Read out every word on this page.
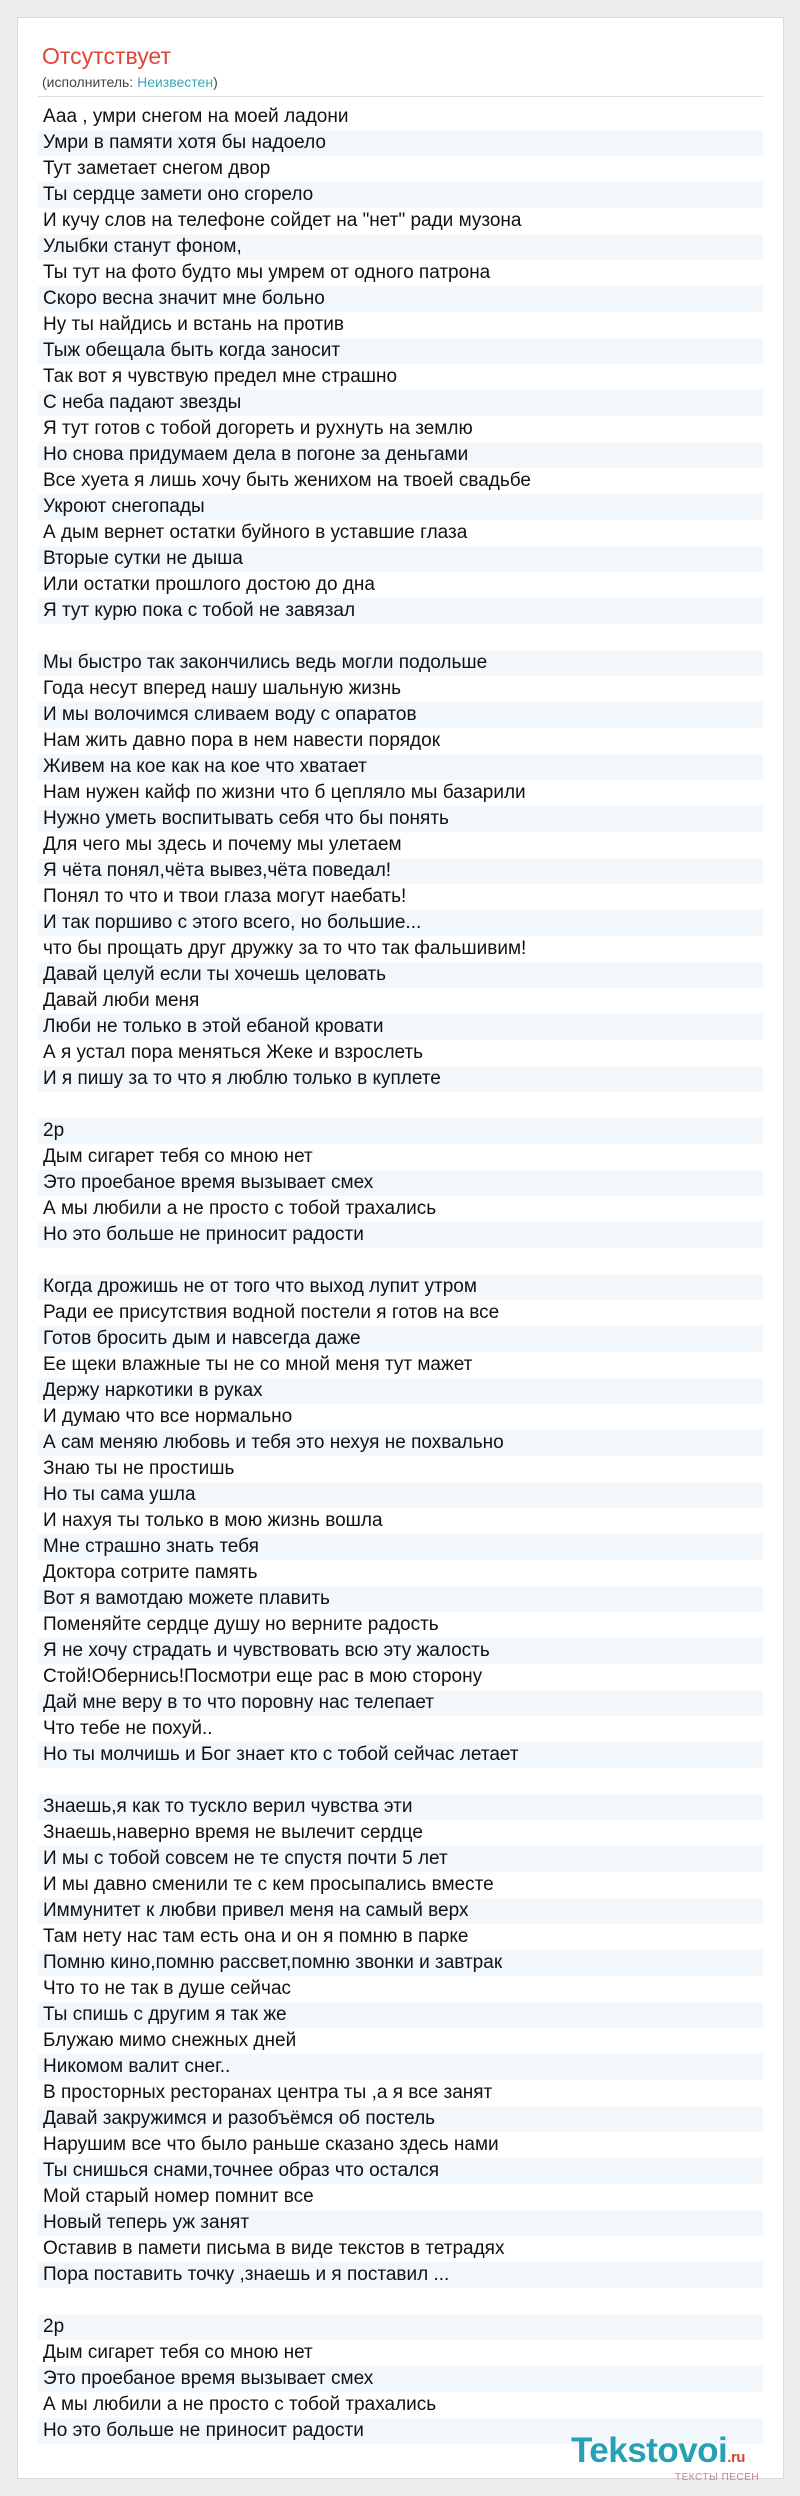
Отсутствует
(исполнитель: Неизвестен)
Ааа , умри снегом на моей ладони
Умри в памяти хотя бы надоело
Тут заметает снегом двор
Ты сердце замети оно сгорело
И кучу слов на телефоне сойдет на "нет" ради музона
Улыбки станут фоном,
Ты тут на фото будто мы умрем от одного патрона
Скоро весна значит мне больно
Ну ты найдись и встань на против
Тыж обещала быть когда заносит
Так вот я чувствую предел мне страшно
С неба падают звезды
Я тут готов с тобой догореть и рухнуть на землю
Но снова придумаем дела в погоне за деньгами
Все хуета я лишь хочу быть женихом на твоей свадьбе
Укроют снегопады
А дым вернет остатки буйного в уставшие глаза
Вторые сутки не дыша
Или остатки прошлого достою до дна
Я тут курю пока с тобой не завязал
Мы быстро так закончились ведь могли подольше
Года несут вперед нашу шальную жизнь
И мы волочимся сливаем воду с опаратов
Нам жить давно пора в нем навести порядок
Живем на кое как на кое что хватает
Нам нужен кайф по жизни что б цепляло мы базарили
Нужно уметь воспитывать себя что бы понять
Для чего мы здесь и почему мы улетаем
Я чёта понял,чёта вывез,чёта поведал!
Понял то что и твои глаза могут наебать!
И так поршиво с этого всего, но большие...
что бы прощать друг дружку за то что так фальшивим!
Давай целуй если ты хочешь целовать
Давай люби меня
Люби не только в этой ебаной кровати
А я устал пора меняться Жеке и взрослеть
И я пишу за то что я люблю только в куплете
2р
Дым сигарет тебя со мною нет
Это проебаное время вызывает смех
А мы любили а не просто с тобой трахались
Но это больше не приносит радости
Когда дрожишь не от того что выход лупит утром
Ради ее присутствия водной постели я готов на все
Готов бросить дым и навсегда даже
Ее щеки влажные ты не со мной меня тут мажет
Держу наркотики в руках
И думаю что все нормально
А сам меняю любовь и тебя это нехуя не похвально
Знаю ты не простишь
Но ты сама ушла
И нахуя ты только в мою жизнь вошла
Мне страшно знать тебя
Доктора сотрите память
Вот я вамотдаю можете плавить
Поменяйте сердце душу но верните радость
Я не хочу страдать и чувствовать всю эту жалость
Стой!Обернись!Посмотри еще рас в мою сторону
Дай мне веру в то что поровну нас телепает
Что тебе не похуй..
Но ты молчишь и Бог знает кто с тобой сейчас летает
Знаешь,я как то тускло верил чувства эти
Знаешь,наверно время не вылечит сердце
И мы с тобой совсем не те спустя почти 5 лет
И мы давно сменили те с кем просыпались вместе
Иммунитет к любви привел меня на самый верх
Там нету нас там есть она и он я помню в парке
Помню кино,помню рассвет,помню звонки и завтрак
Что то не так в душе сейчас
Ты спишь с другим я так же
Блужаю мимо снежных дней
Никомом валит снег..
В просторных ресторанах центра ты ,а я все занят
Давай закружимся и разобъёмся об постель
Нарушим все что было раньше сказано здесь нами
Ты снишься снами,точнее образ что остался
Мой старый номер помнит все
Новый теперь уж занят
Оставив в памети письма в виде текстов в тетрадях
Пора поставить точку ,знаешь и я поставил ...
2р
Дым сигарет тебя со мною нет
Это проебаное время вызывает смех
А мы любили а не просто с тобой трахались
Но это больше не приносит радости
Tekstovoi.ru
ТЕКСТЫ ПЕСЕН
